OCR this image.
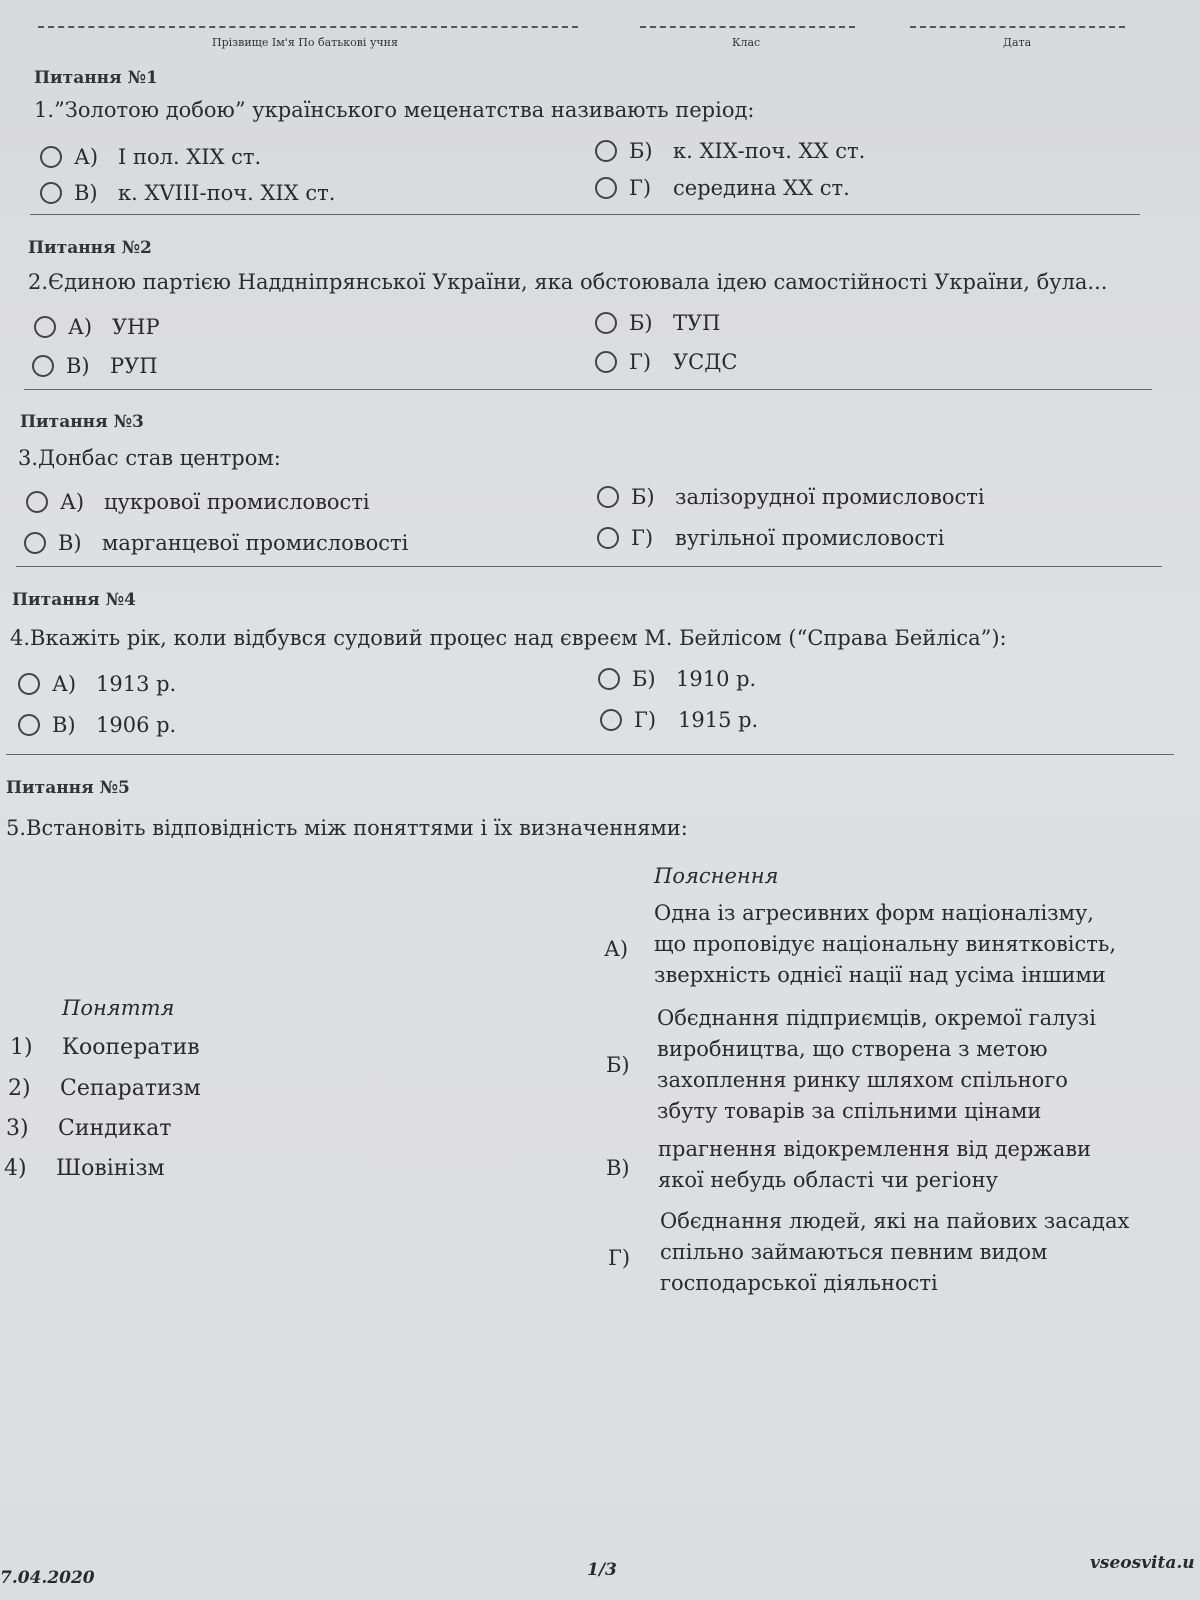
Прізвище Ім'я По батькові учня	Клас	Дата
Питання №1
1.”Золотою добою” українського меценатства називають період:
А) І пол. ХІХ ст.	Б) к. ХІХ-поч. ХХ ст.
В) к. ХVІІІ-поч. ХІХ ст.	Г)	середина ХХ ст.
Питання №2
2.Єдиною партією Наддніпрянської України, яка обстоювала ідею самостійності України, була...
А) УНР	Б) ТУП
В) РУП	Г)	УСДС
Питання №3
3.Донбас став центром:
А) цукрової промисловості	Б) залізорудної промисловості
В) марганцевої промисловості	Г)	вугільної промисловості
Питання №4
4.Вкажіть рік, коли відбувся судовий процес над євреєм М. Бейлісом (“Справа Бейліса”):
А) 1913 р.	Б) 1910 р.
В) 1906 р.	Г)	1915 р.
Питання №5
5.Встановіть відповідність між поняттями і їх визначеннями:
Пояснення
Поняття
1)	Кооператив
2)	Сепаратизм
3)	Синдикат
4)	Шовінізм
А)
Одна із агресивних форм націоналізму,
що проповідує національну винятковість,
зверхність однієї нації над усіма іншими
Б)
Обєднання підприємців, окремої галузі
виробництва, що створена з метою
захоплення ринку шляхом спільного
збуту товарів за спільними цінами
В)
прагнення відокремлення від держави
якої небудь області чи регіону
Г)
Обєднання людей, які на пайових засадах
спільно займаються певним видом
господарської діяльності
7.04.2020	1/3	vseosvita.u
